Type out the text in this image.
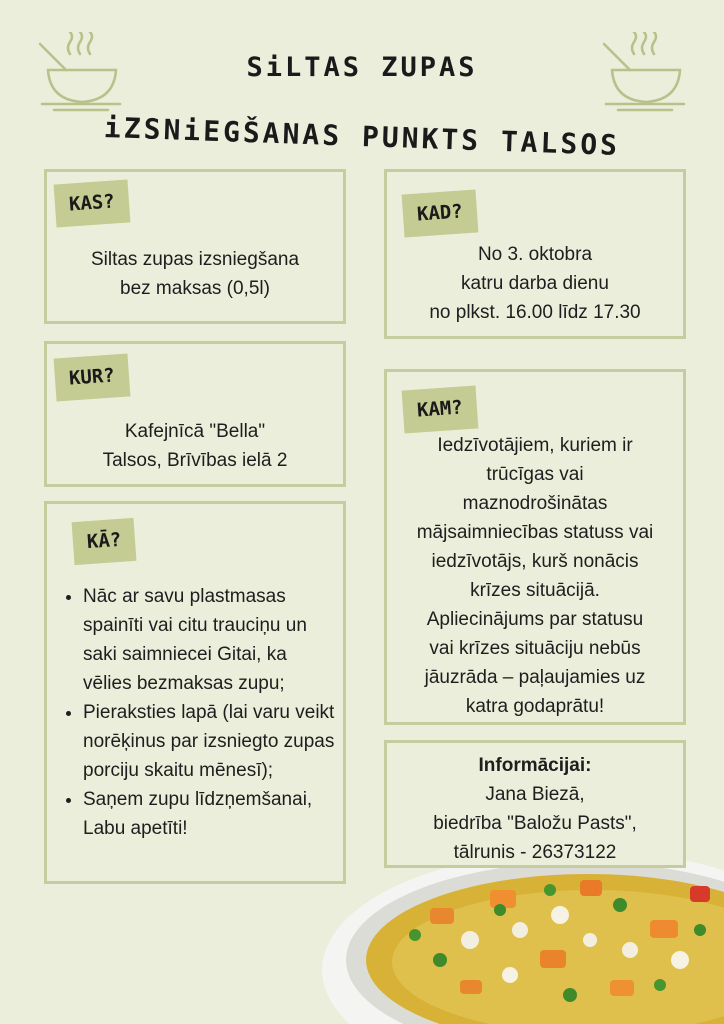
SiLTAS ZUPAS
iZSNiEGŠANAS PUNKTS TALSOS
KAS?
Siltas zupas izsniegšana
bez maksas (0,5l)
KAD?
No 3. oktobra
katru darba dienu
no plkst. 16.00 līdz 17.30
KUR?
Kafejnīcā "Bella"
Talsos, Brīvības ielā 2
KAM?
Iedzīvotājiem, kuriem ir
trūcīgas vai
maznodrošinātas
mājsaimniecības statuss vai
iedzīvotājs, kurš nonācis
krīzes situācijā.
Apliecinājums par statusu
vai krīzes situāciju nebūs
jāuzrāda – paļaujamies uz
katra godaprātu!
KĀ?
• Nāc ar savu plastmasas spainīti vai citu trauciņu un saki saimniecei Gitai, ka vēlies bezmaksas zupu;
• Pieraksties lapā (lai varu veikt norēķinus par izsniegto zupas porciju skaitu mēnesī);
• Saņem zupu līdzņemšanai, Labu apetīti!
Informācijai:
Jana Biezā,
biedrība "Baložu Pasts",
tālrunis - 26373122
